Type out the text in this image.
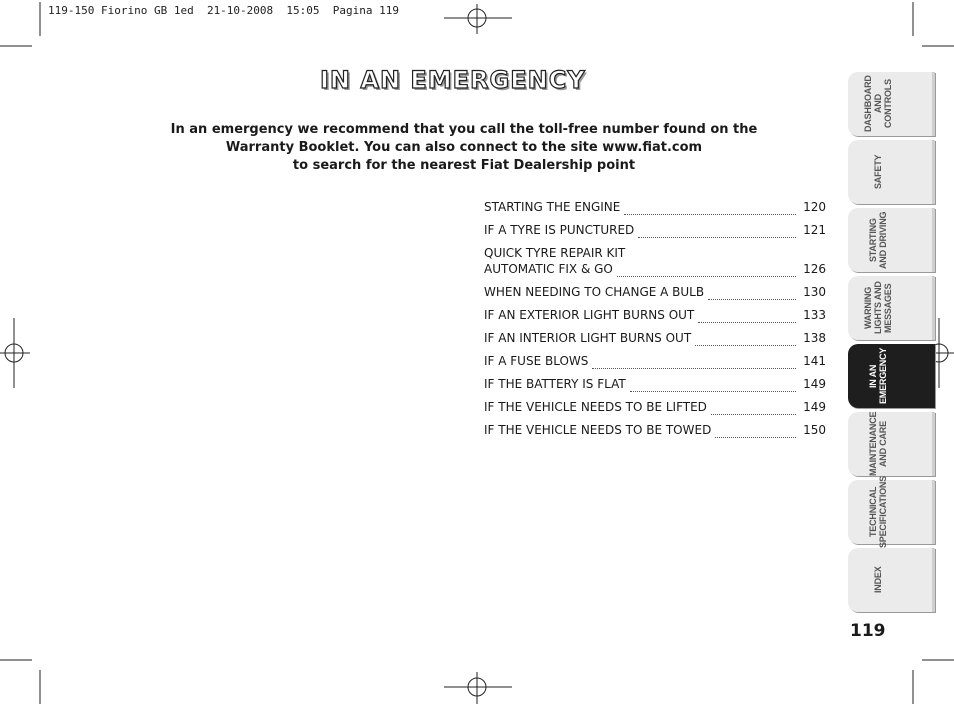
119-150 Fiorino GB 1ed  21-10-2008  15:05  Pagina 119
IN AN EMERGENCY
In an emergency we recommend that you call the toll-free number found on the
Warranty Booklet. You can also connect to the site www.fiat.com
to search for the nearest Fiat Dealership point
STARTING THE ENGINE	120
IF A TYRE IS PUNCTURED	121
QUICK TYRE REPAIR KIT
AUTOMATIC FIX & GO	126
WHEN NEEDING TO CHANGE A BULB	130
IF AN EXTERIOR LIGHT BURNS OUT	133
IF AN INTERIOR LIGHT BURNS OUT	138
IF A FUSE BLOWS	141
IF THE BATTERY IS FLAT	149
IF THE VEHICLE NEEDS TO BE LIFTED	149
IF THE VEHICLE NEEDS TO BE TOWED	150
DASHBOARD AND CONTROLS
SAFETY
STARTING AND DRIVING
WARNING LIGHTS AND MESSAGES
IN AN EMERGENCY
MAINTENANCE AND CARE
TECHNICAL SPECIFICATIONS
INDEX
119
